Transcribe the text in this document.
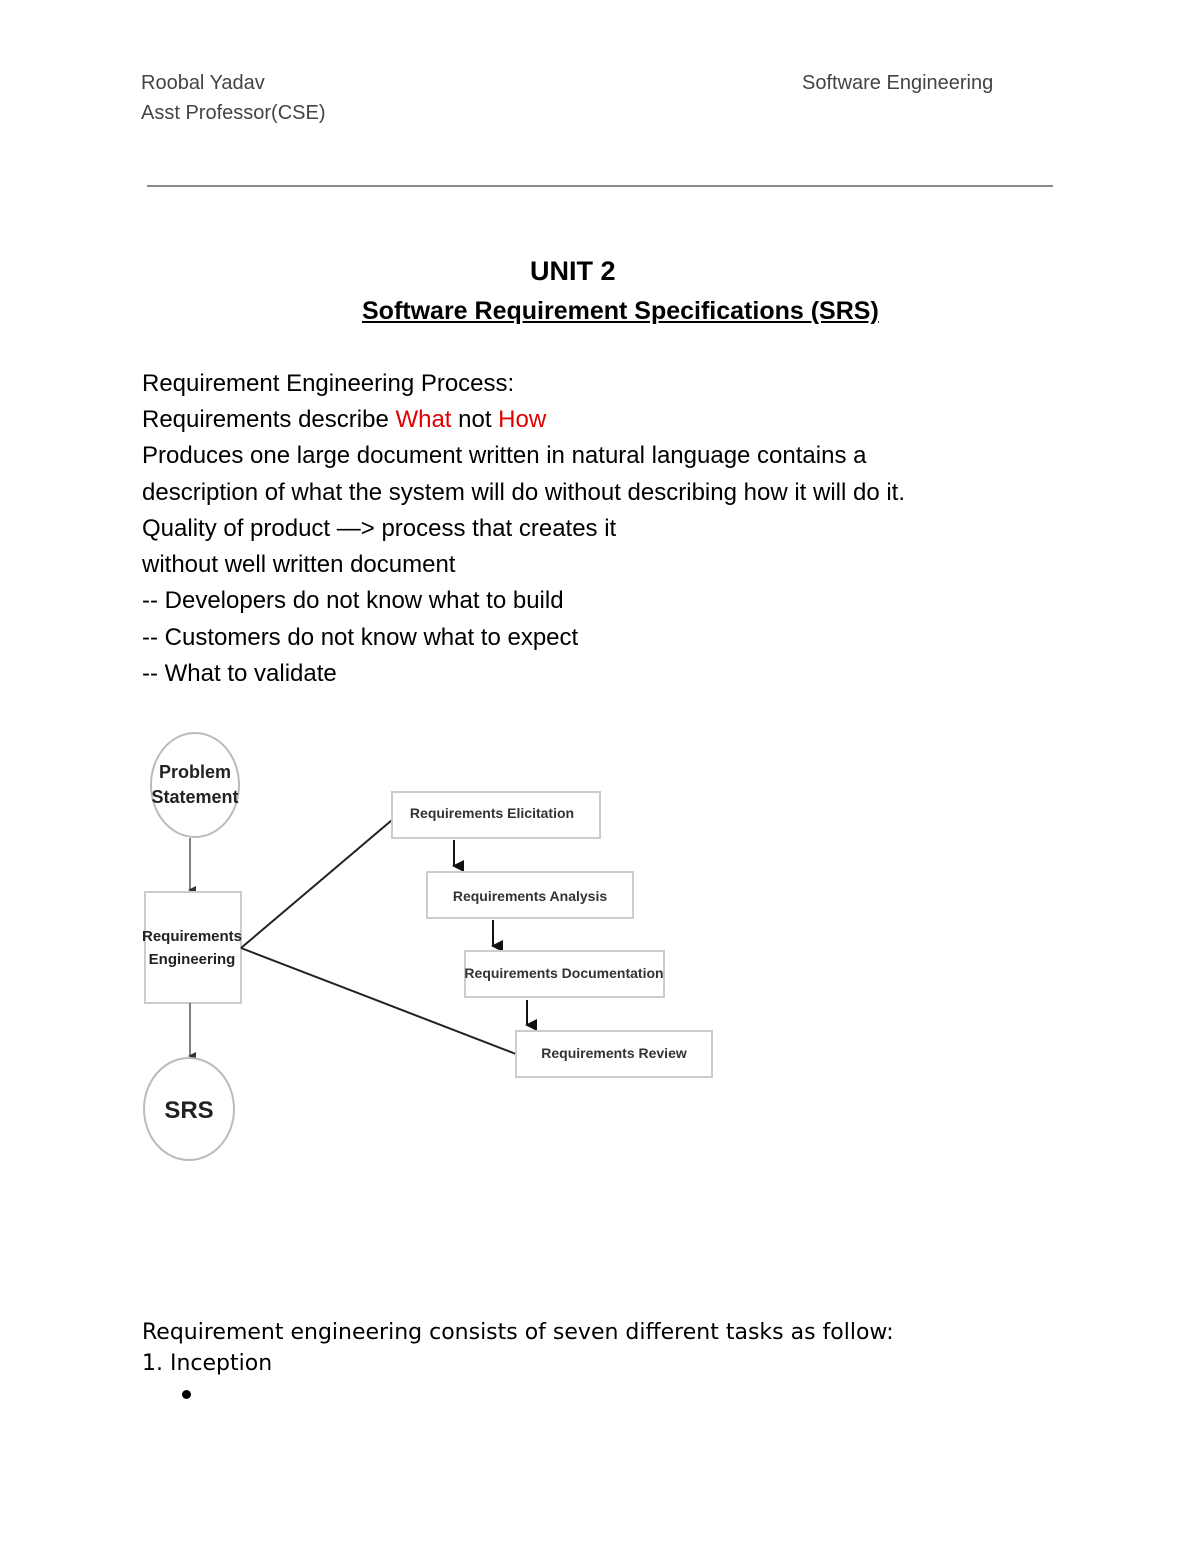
Roobal Yadav
Asst Professor(CSE)
Software Engineering
UNIT 2
Software Requirement Specifications (SRS)
Requirement Engineering Process:
Requirements describe What not How
Produces one large document written in natural language contains a
description of what the system will do without describing how it will do it.
Quality of product —> process that creates it
without well written document
-- Developers do not know what to build
-- Customers do not know what to expect
-- What to validate
Problem
Statement
Requirements
Engineering
SRS
Requirements Elicitation
Requirements Analysis
Requirements Documentation
Requirements Review
Requirement engineering consists of seven different tasks as follow:
1. Inception
